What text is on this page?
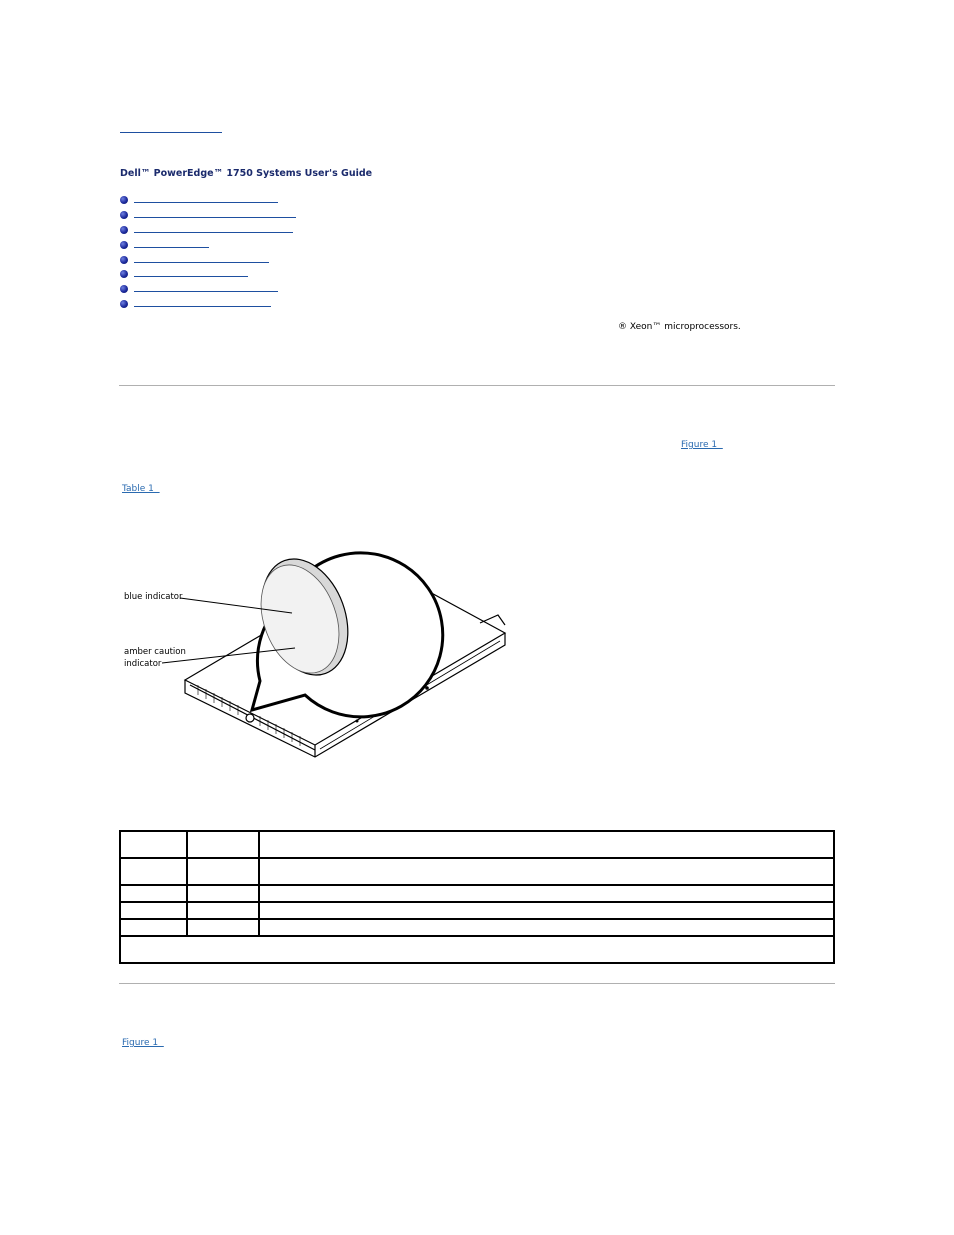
Dell™ PowerEdge™ 1750 Systems User's Guide
® Xeon™ microprocessors.
Figure 1
Table 1
blue indicator
amber caution
indicator

Figure 1
